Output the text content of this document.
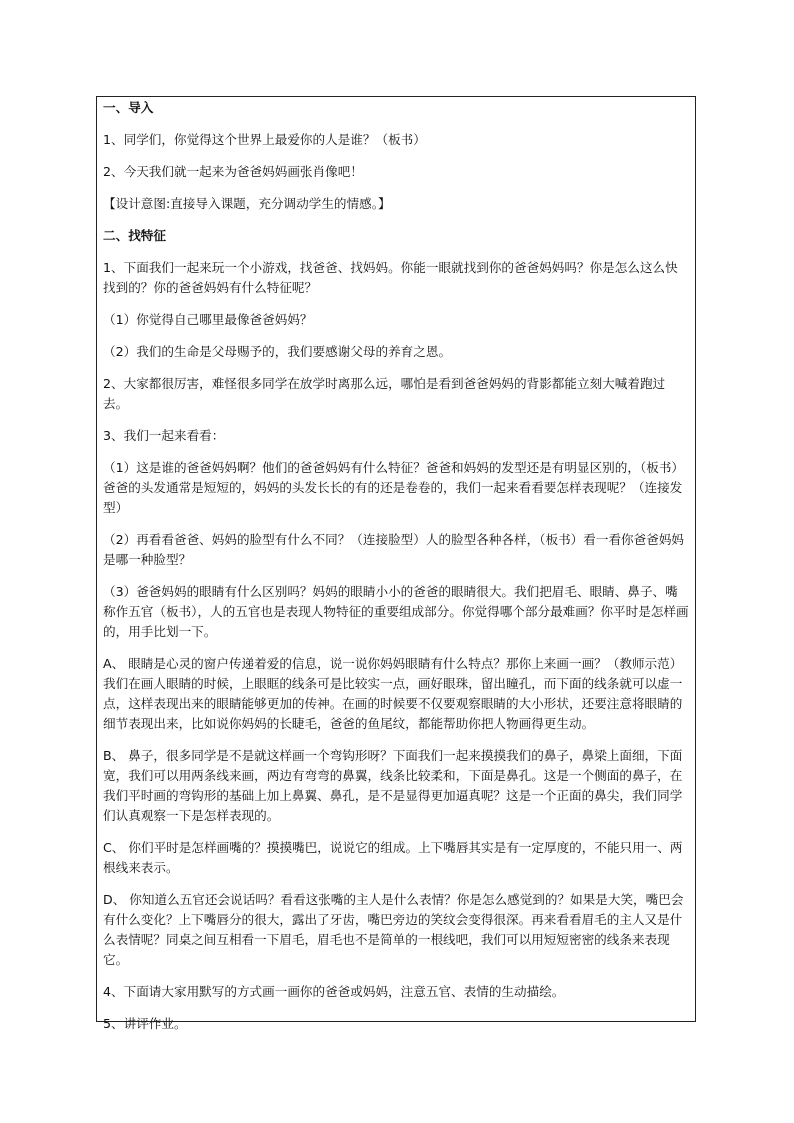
一、导入

1、同学们，你觉得这个世界上最爱你的人是谁？（板书）

2、今天我们就一起来为爸爸妈妈画张肖像吧！

【设计意图:直接导入课题，充分调动学生的情感。】

二、找特征

1、下面我们一起来玩一个小游戏，找爸爸、找妈妈。你能一眼就找到你的爸爸妈妈吗？你是怎么这么快找到的？你的爸爸妈妈有什么特征呢？

（1）你觉得自己哪里最像爸爸妈妈？

（2）我们的生命是父母赐予的，我们要感谢父母的养育之恩。

2、大家都很厉害，难怪很多同学在放学时离那么远，哪怕是看到爸爸妈妈的背影都能立刻大喊着跑过去。

3、我们一起来看看：

（1）这是谁的爸爸妈妈啊？他们的爸爸妈妈有什么特征？爸爸和妈妈的发型还是有明显区别的，（板书）爸爸的头发通常是短短的，妈妈的头发长长的有的还是卷卷的，我们一起来看看要怎样表现呢？（连接发型）

（2）再看看爸爸、妈妈的脸型有什么不同？（连接脸型）人的脸型各种各样，（板书）看一看你爸爸妈妈是哪一种脸型？

（3）爸爸妈妈的眼睛有什么区别吗？妈妈的眼睛小小的爸爸的眼睛很大。我们把眉毛、眼睛、鼻子、嘴称作五官（板书），人的五官也是表现人物特征的重要组成部分。你觉得哪个部分最难画？你平时是怎样画的，用手比划一下。

A、 眼睛是心灵的窗户传递着爱的信息，说一说你妈妈眼睛有什么特点？那你上来画一画？（教师示范）我们在画人眼睛的时候，上眼眶的线条可是比较实一点，画好眼珠，留出瞳孔，而下面的线条就可以虚一点，这样表现出来的眼睛能够更加的传神。在画的时候要不仅要观察眼睛的大小形状，还要注意将眼睛的细节表现出来，比如说你妈妈的长睫毛，爸爸的鱼尾纹，都能帮助你把人物画得更生动。

B、 鼻子，很多同学是不是就这样画一个弯钩形呀？下面我们一起来摸摸我们的鼻子，鼻梁上面细，下面宽，我们可以用两条线来画，两边有弯弯的鼻翼，线条比较柔和，下面是鼻孔。这是一个侧面的鼻子，在我们平时画的弯钩形的基础上加上鼻翼、鼻孔，是不是显得更加逼真呢？这是一个正面的鼻尖，我们同学们认真观察一下是怎样表现的。

C、 你们平时是怎样画嘴的？摸摸嘴巴，说说它的组成。上下嘴唇其实是有一定厚度的，不能只用一、两根线来表示。

D、 你知道么五官还会说话吗？看看这张嘴的主人是什么表情？你是怎么感觉到的？如果是大笑，嘴巴会有什么变化？上下嘴唇分的很大，露出了牙齿，嘴巴旁边的笑纹会变得很深。再来看看眉毛的主人又是什么表情呢？同桌之间互相看一下眉毛，眉毛也不是简单的一根线吧，我们可以用短短密密的线条来表现它。

4、下面请大家用默写的方式画一画你的爸爸或妈妈，注意五官、表情的生动描绘。

5、讲评作业。
